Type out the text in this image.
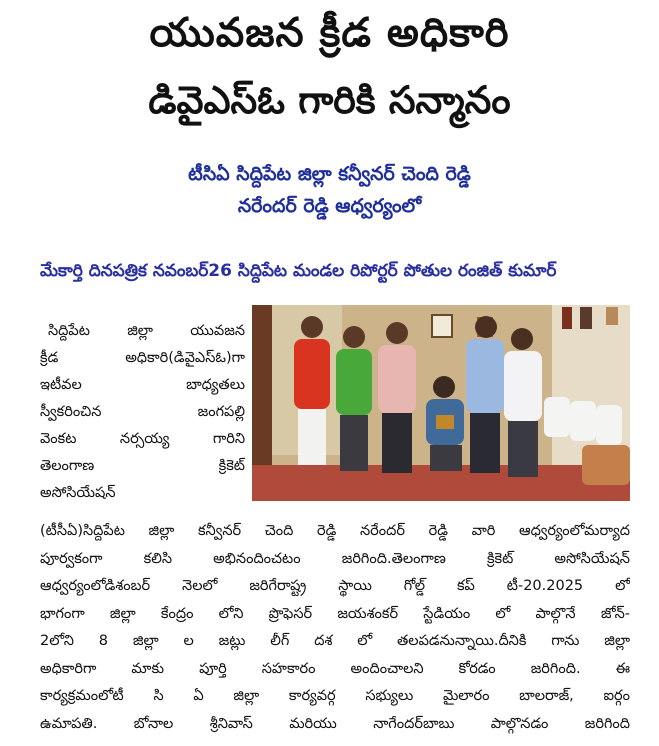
యువజన క్రీడ అధికారి
డివైఎస్ఓ గారికి సన్మానం
టీసిఏ సిద్దిపేట జిల్లా కన్వీనర్ చెంది రెడ్డి
నరేందర్ రెడ్డి ఆధ్వర్యంలో
మేకార్తి దినపత్రిక నవంబర్26 సిద్దిపేట మండల రిపోర్టర్ పోతుల రంజిత్ కుమార్
సిద్దిపేట జిల్లా యువజన
క్రీడ అధికారి(డివైఎస్ఓ)గా
ఇటీవల బాధ్యతలు
స్వీకరించిన జంగపల్లి
వెంకట నర్సయ్య గారిని
తెలంగాణ క్రికెట్
అసోసియేషన్
(టీసీఏ)సిద్దిపేట జిల్లా కన్వీనర్ చెంది రెడ్డి నరేందర్ రెడ్డి వారి ఆధ్వర్యంలోమర్యాద
పూర్వకంగా కలిసి అభినందించటం జరిగింది.తెలంగాణ క్రికెట్ అసోసియేషన్
ఆధ్వర్యంలోడిశంబర్ నెలలో జరిగేరాష్ట్ర స్థాయి గోల్డ్ కప్ టీ-20.2025 లో
భాగంగా జిల్లా కేంద్రం లోని ప్రొఫెసర్ జయశంకర్ స్టేడియం లో పాల్గొనే జోన్-
2లోని 8 జిల్లా ల జట్లు లీగ్ దశ లో తలపడనున్నాయి.దీనికి గాను జిల్లా
అధికారిగా మాకు పూర్తి సహకారం అందించాలని కోరడం జరిగింది. ఈ
కార్యక్రమంలోటీ సి ఏ జిల్లా కార్యవర్గ సభ్యులు మైలారం బాలరాజ్, ఐర్గం
ఉమాపతి. బోనాల శ్రీనివాస్ మరియు నాగేందర్‌బాబు పాల్గొనడం జరిగింది
